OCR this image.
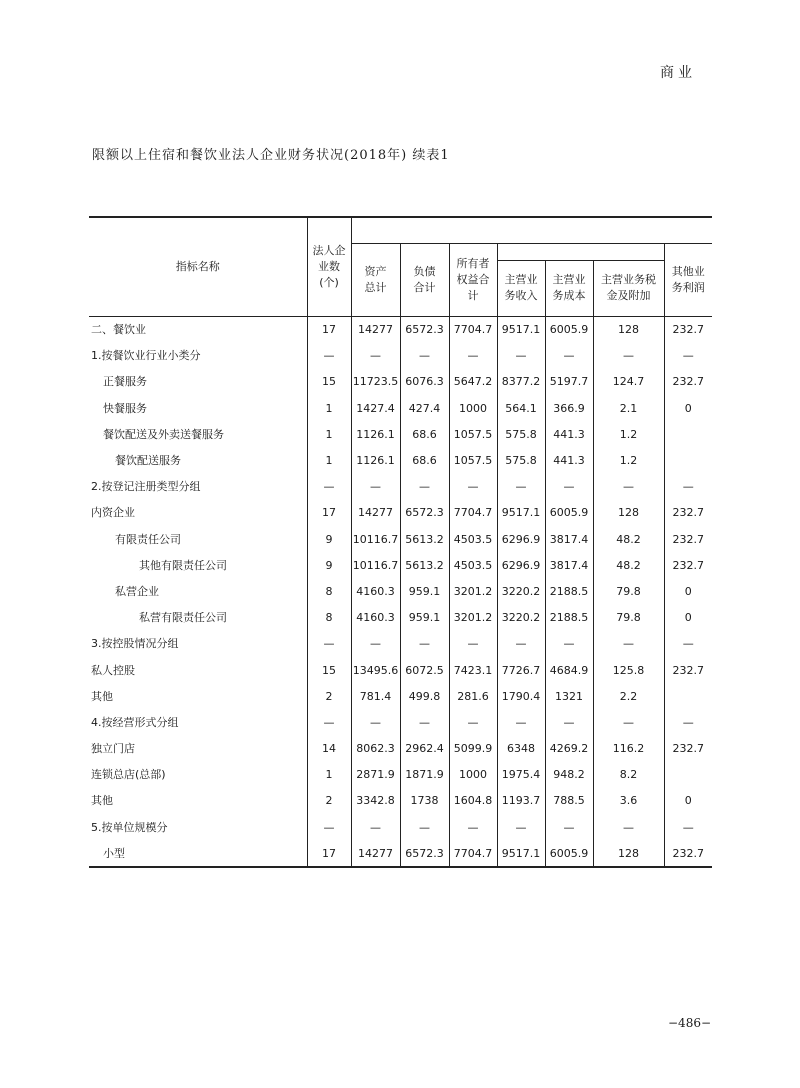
商业
限额以上住宿和餐饮业法人企业财务状况(2018年) 续表1
指标名称	法人企业数(个)							
		资产总计	负债合计	所有者权益合计				其他业务利润
					主营业务收入	主营业务成本	主营业务税金及附加	
二、餐饮业	17	14277	6572.3	7704.7	9517.1	6005.9	128	232.7
1.按餐饮业行业小类分	—	—	—	—	—	—	—	—
正餐服务	15	11723.5	6076.3	5647.2	8377.2	5197.7	124.7	232.7
快餐服务	1	1427.4	427.4	1000	564.1	366.9	2.1	0
餐饮配送及外卖送餐服务	1	1126.1	68.6	1057.5	575.8	441.3	1.2	
餐饮配送服务	1	1126.1	68.6	1057.5	575.8	441.3	1.2	
2.按登记注册类型分组	—	—	—	—	—	—	—	—
内资企业	17	14277	6572.3	7704.7	9517.1	6005.9	128	232.7
有限责任公司	9	10116.7	5613.2	4503.5	6296.9	3817.4	48.2	232.7
其他有限责任公司	9	10116.7	5613.2	4503.5	6296.9	3817.4	48.2	232.7
私营企业	8	4160.3	959.1	3201.2	3220.2	2188.5	79.8	0
私营有限责任公司	8	4160.3	959.1	3201.2	3220.2	2188.5	79.8	0
3.按控股情况分组	—	—	—	—	—	—	—	—
私人控股	15	13495.6	6072.5	7423.1	7726.7	4684.9	125.8	232.7
其他	2	781.4	499.8	281.6	1790.4	1321	2.2	
4.按经营形式分组	—	—	—	—	—	—	—	—
独立门店	14	8062.3	2962.4	5099.9	6348	4269.2	116.2	232.7
连锁总店(总部)	1	2871.9	1871.9	1000	1975.4	948.2	8.2	
其他	2	3342.8	1738	1604.8	1193.7	788.5	3.6	0
5.按单位规模分	—	—	—	—	—	—	—	—
小型	17	14277	6572.3	7704.7	9517.1	6005.9	128	232.7
−486−
